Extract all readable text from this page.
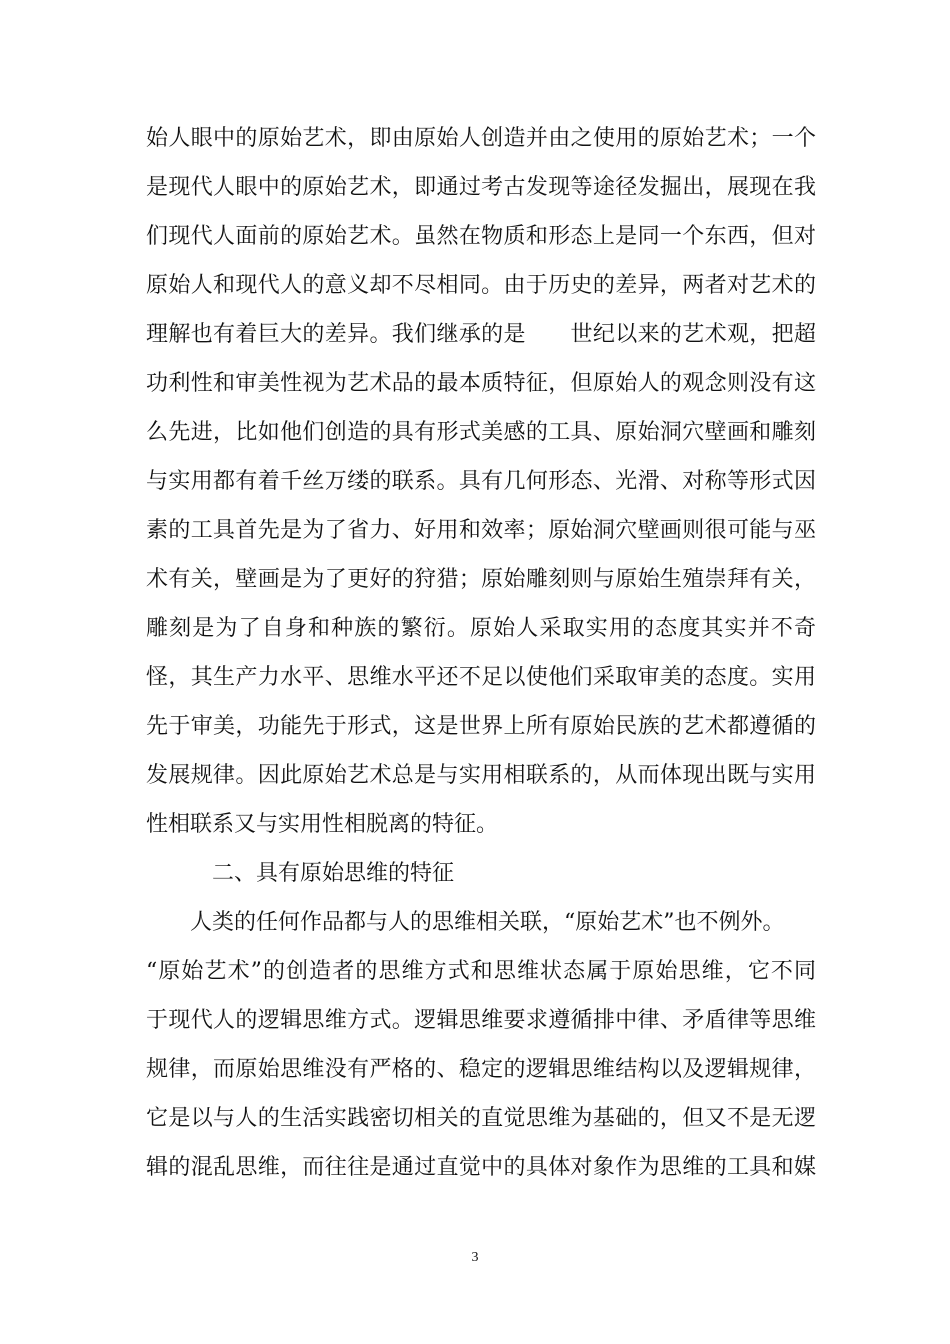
始人眼中的原始艺术，即由原始人创造并由之使用的原始艺术；一个
是现代人眼中的原始艺术，即通过考古发现等途径发掘出，展现在我
们现代人面前的原始艺术。虽然在物质和形态上是同一个东西，但对
原始人和现代人的意义却不尽相同。由于历史的差异，两者对艺术的
理解也有着巨大的差异。我们继承的是　　世纪以来的艺术观，把超
功利性和审美性视为艺术品的最本质特征，但原始人的观念则没有这
么先进，比如他们创造的具有形式美感的工具、原始洞穴壁画和雕刻
与实用都有着千丝万缕的联系。具有几何形态、光滑、对称等形式因
素的工具首先是为了省力、好用和效率；原始洞穴壁画则很可能与巫
术有关，壁画是为了更好的狩猎；原始雕刻则与原始生殖崇拜有关，
雕刻是为了自身和种族的繁衍。原始人采取实用的态度其实并不奇
怪，其生产力水平、思维水平还不足以使他们采取审美的态度。实用
先于审美，功能先于形式，这是世界上所有原始民族的艺术都遵循的
发展规律。因此原始艺术总是与实用相联系的，从而体现出既与实用
性相联系又与实用性相脱离的特征。
二、具有原始思维的特征
人类的任何作品都与人的思维相关联，“原始艺术”也不例外。
“原始艺术”的创造者的思维方式和思维状态属于原始思维，它不同
于现代人的逻辑思维方式。逻辑思维要求遵循排中律、矛盾律等思维
规律，而原始思维没有严格的、稳定的逻辑思维结构以及逻辑规律，
它是以与人的生活实践密切相关的直觉思维为基础的，但又不是无逻
辑的混乱思维，而往往是通过直觉中的具体对象作为思维的工具和媒
3
